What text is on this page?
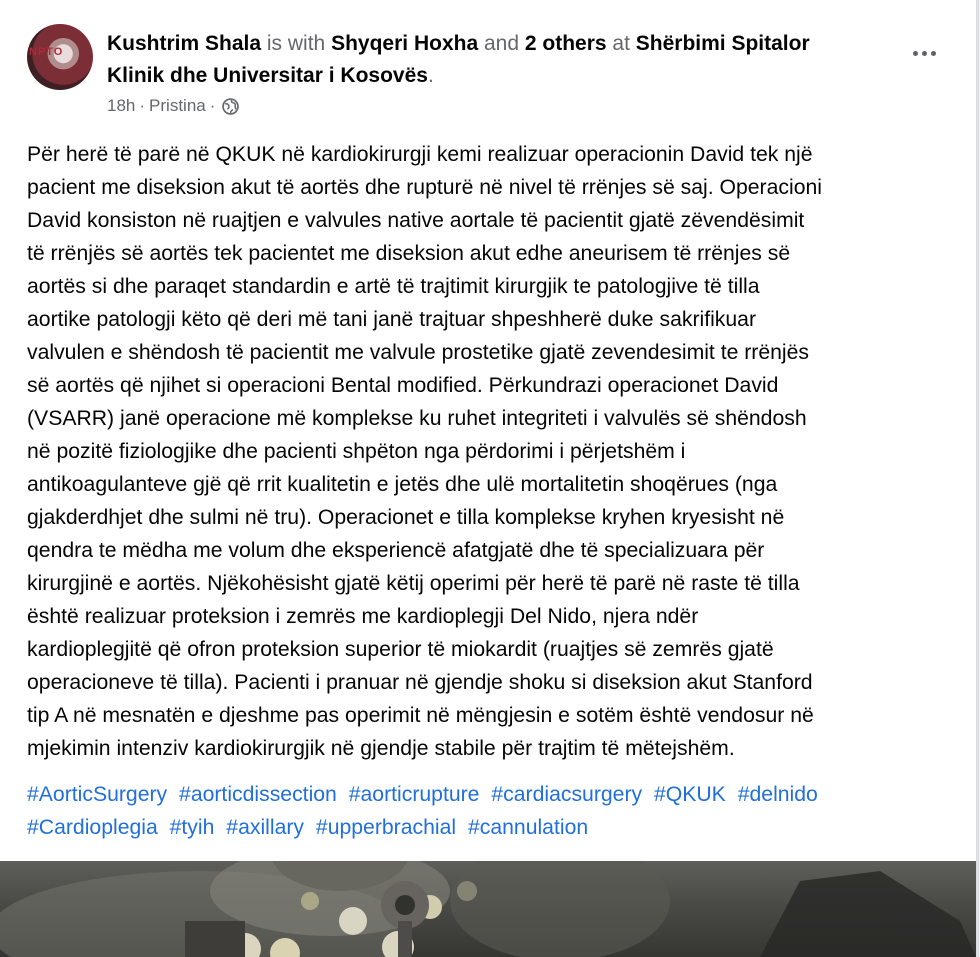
NPTO Kushtrim Shala is with Shyqeri Hoxha and 2 others at Shërbimi Spitalor Klinik dhe Universitar i Kosovës.
18h · Pristina ·
Për herë të parë në QKUK në kardiokirurgji kemi realizuar operacionin David tek një
pacient me diseksion akut të aortës dhe rupturë në nivel të rrënjes së saj. Operacioni
David konsiston në ruajtjen e valvules native aortale të pacientit gjatë zëvendësimit
të rrënjës së aortës tek pacientet me diseksion akut edhe aneurisem të rrënjes së
aortës si dhe paraqet standardin e artë të trajtimit kirurgjik te patologjive të tilla
aortike patologji këto që deri më tani janë trajtuar shpeshherë duke sakrifikuar
valvulen e shëndosh të pacientit me valvule prostetike gjatë zevendesimit te rrënjës
së aortës që njihet si operacioni Bental modified. Përkundrazi operacionet David
(VSARR) janë operacione më komplekse ku ruhet integriteti i valvulës së shëndosh
në pozitë fiziologjike dhe pacienti shpëton nga përdorimi i përjetshëm i
antikoagulanteve gjë që rrit kualitetin e jetës dhe ulë mortalitetin shoqërues (nga
gjakderdhjet dhe sulmi në tru). Operacionet e tilla komplekse kryhen kryesisht në
qendra te mëdha me volum dhe eksperiencë afatgjatë dhe të specializuara për
kirurgjinë e aortës. Njëkohësisht gjatë këtij operimi për herë të parë në raste të tilla
është realizuar proteksion i zemrës me kardioplegji Del Nido, njera ndër
kardioplegjitë që ofron proteksion superior të miokardit (ruajtjes së zemrës gjatë
operacioneve të tilla). Pacienti i pranuar në gjendje shoku si diseksion akut Stanford
tip A në mesnatën e djeshme pas operimit në mëngjesin e sotëm është vendosur në
mjekimin intenziv kardiokirurgjik në gjendje stabile për trajtim të mëtejshëm.
#AorticSurgery #aorticdissection #aorticrupture #cardiacsurgery #QKUK #delnido #Cardioplegia #tyih #axillary #upperbrachial #cannulation
